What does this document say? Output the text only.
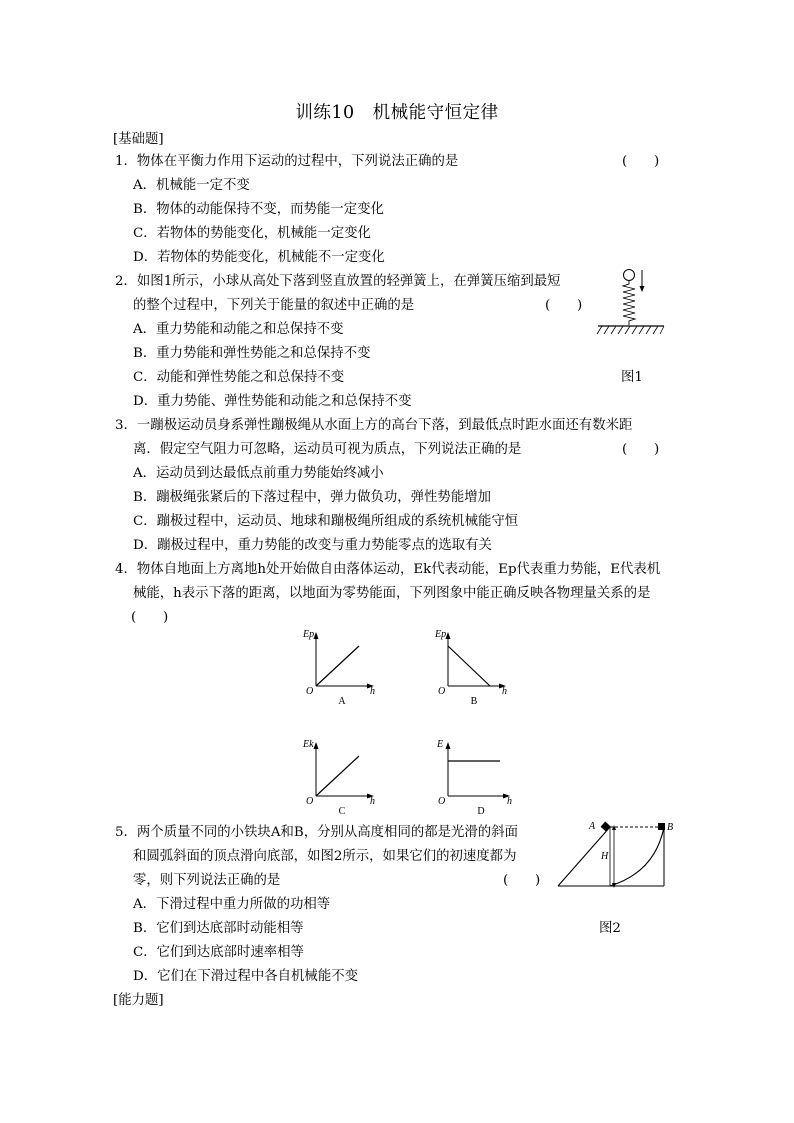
训练10　机械能守恒定律
[基础题]
1．物体在平衡力作用下运动的过程中，下列说法正确的是	(　　)
A．机械能一定不变
B．物体的动能保持不变，而势能一定变化
C．若物体的势能变化，机械能一定变化
D．若物体的势能变化，机械能不一定变化
2．如图1所示，小球从高处下落到竖直放置的轻弹簧上，在弹簧压缩到最短
的整个过程中，下列关于能量的叙述中正确的是	(　　)
A．重力势能和动能之和总保持不变
B．重力势能和弹性势能之和总保持不变
C．动能和弹性势能之和总保持不变
D．重力势能、弹性势能和动能之和总保持不变
图1
3．一蹦极运动员身系弹性蹦极绳从水面上方的高台下落，到最低点时距水面还有数米距
离．假定空气阻力可忽略，运动员可视为质点，下列说法正确的是	(　　)
A．运动员到达最低点前重力势能始终减小
B．蹦极绳张紧后的下落过程中，弹力做负功，弹性势能增加
C．蹦极过程中，运动员、地球和蹦极绳所组成的系统机械能守恒
D．蹦极过程中，重力势能的改变与重力势能零点的选取有关
4．物体自地面上方离地h处开始做自由落体运动，Ek代表动能，Ep代表重力势能，E代表机
械能，h表示下落的距离，以地面为零势能面，下列图象中能正确反映各物理量关系的是
(　　)
Ep
O	h
A
Ep
O	h
B
Ek
O	h
C
E
O	h
D
5．两个质量不同的小铁块A和B，分别从高度相同的都是光滑的斜面
和圆弧斜面的顶点滑向底部，如图2所示，如果它们的初速度都为
零，则下列说法正确的是	(　　)
A．下滑过程中重力所做的功相等
B．它们到达底部时动能相等
C．它们到达底部时速率相等
D．它们在下滑过程中各自机械能不变
图2
A	B
H
[能力题]
